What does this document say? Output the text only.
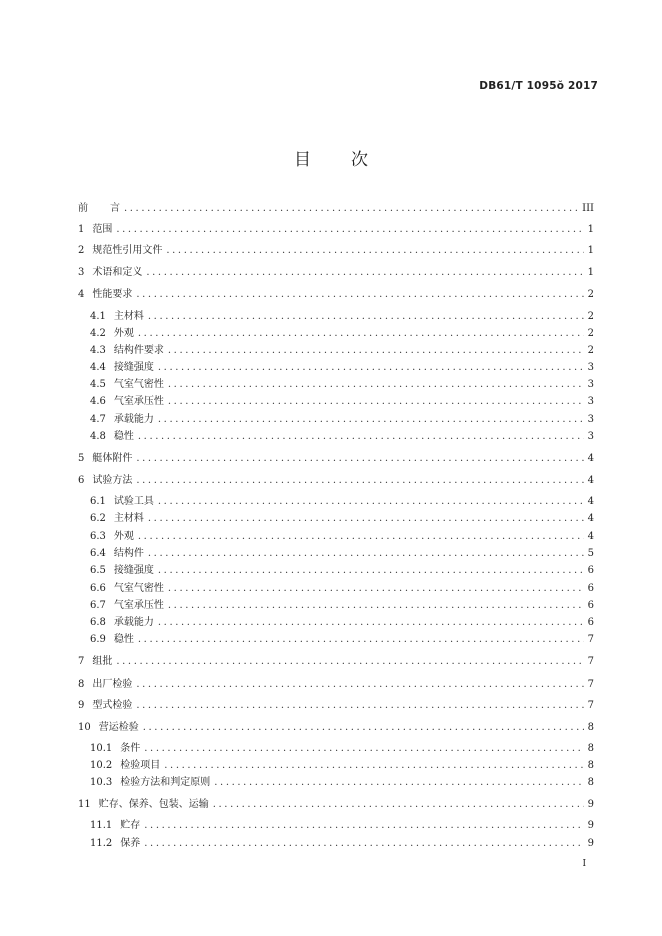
DB61/T 1095ŏ 2017
目 次
前 言 .....	III
1 范围 .....	1
2 规范性引用文件 .....	1
3 术语和定义 .....	1
4 性能要求 .....	2
4.1 主材料 .....	2
4.2 外观 .....	2
4.3 结构件要求 .....	2
4.4 接缝强度 .....	3
4.5 气室气密性 .....	3
4.6 气室承压性 .....	3
4.7 承载能力 .....	3
4.8 稳性 .....	3
5 艇体附件 .....	4
6 试验方法 .....	4
6.1 试验工具 .....	4
6.2 主材料 .....	4
6.3 外观 .....	4
6.4 结构件 .....	5
6.5 接缝强度 .....	6
6.6 气室气密性 .....	6
6.7 气室承压性 .....	6
6.8 承载能力 .....	6
6.9 稳性 .....	7
7 组批 .....	7
8 出厂检验 .....	7
9 型式检验 .....	7
10 营运检验 .....	8
10.1 条件 .....	8
10.2 检验项目 .....	8
10.3 检验方法和判定原则 .....	8
11 贮存、保养、包装、运输 .....	9
11.1 贮存 .....	9
11.2 保养 .....	9
I
